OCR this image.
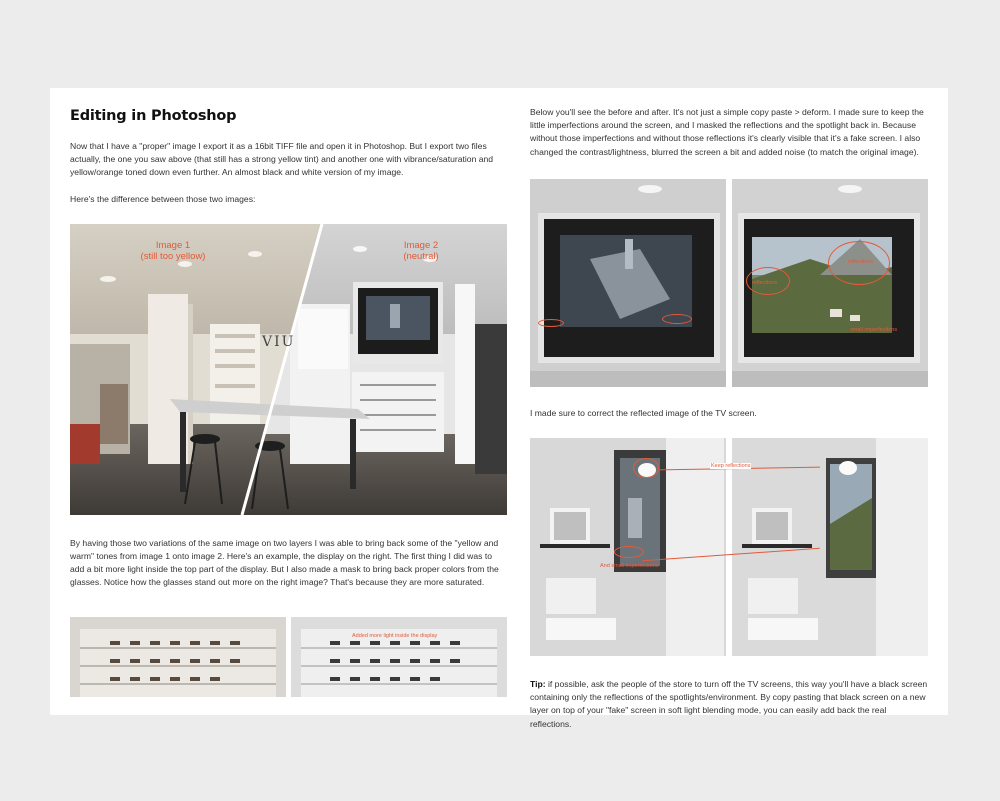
Editing in Photoshop

Now that I have a "proper" image I export it as a 16bit TIFF file and open it in Photoshop. But I export two files actually, the one you saw above (that still has a strong yellow tint) and another one with vibrance/saturation and yellow/orange toned down even further. An almost black and white version of my image.

Here's the difference between those two images:

VIU
Image 1
(still too yellow)
Image 2
(neutral)

By having those two variations of the same image on two layers I was able to bring back some of the "yellow and warm" tones from image 1 onto image 2. Here's an example, the display on the right. The first thing I did was to add a bit more light inside the top part of the display. But I also made a mask to bring back proper colors from the glasses. Notice how the glasses stand out more on the right image? That's because they are more saturated.

Added more light inside the display

Below you'll see the before and after. It's not just a simple copy paste > deform. I made sure to keep the little imperfections around the screen, and I masked the reflections and the spotlight back in. Because without those imperfections and without those reflections it's clearly visible that it's a fake screen. I also changed the contrast/lightness, blurred the screen a bit and added noise (to match the original image).

reflections
reflections
small imperfections

I made sure to correct the reflected image of the TV screen.

Keep reflections
And small imperfections

Tip: if possible, ask the people of the store to turn off the TV screens, this way you'll have a black screen containing only the reflections of the spotlights/environment. By copy pasting that black screen on a new layer on top of your "fake" screen in soft light blending mode, you can easily add back the real reflections.
